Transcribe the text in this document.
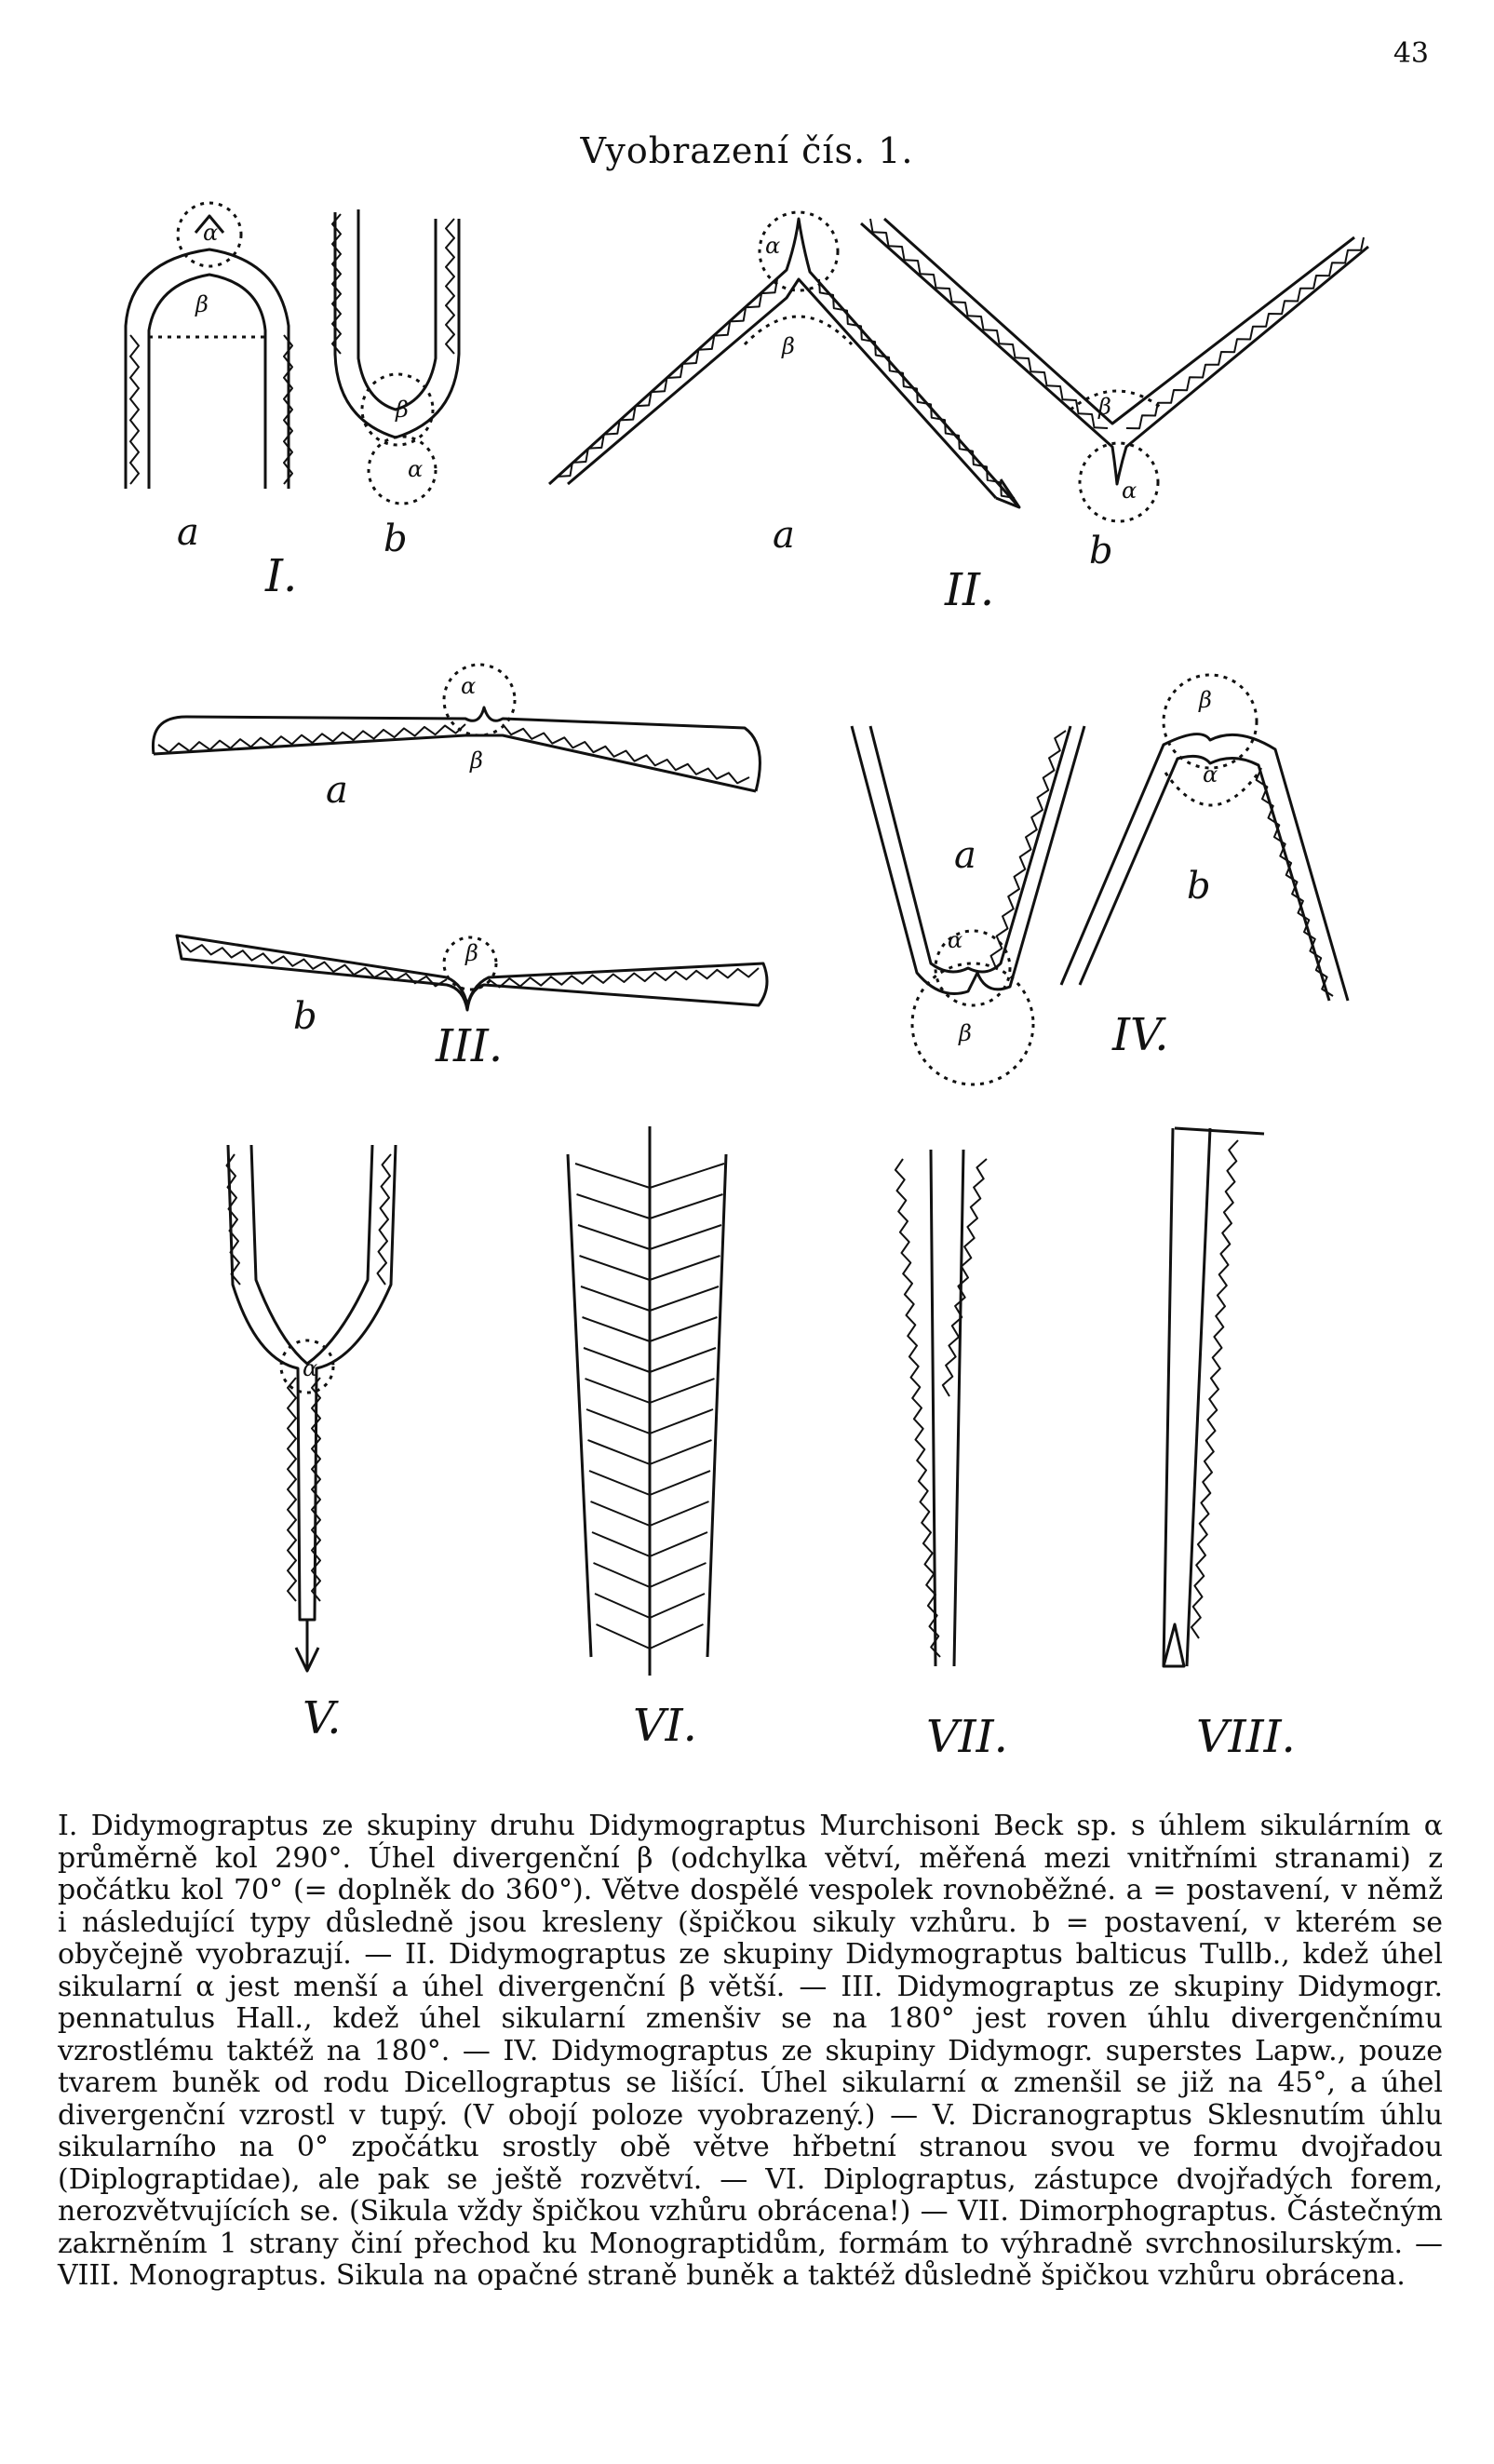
43
Vyobrazení čís. 1.
α
β
β
α
α
β
β
α
α
β
β	α
β
β
α
α
a	b	a	b
a
b
a
b
I.	II.
III.	IV.
V.	VI.	VII.	VIII.
I. Didymograptus ze skupiny druhu Didymograptus Murchisoni Beck sp. s úhlem sikulárním α průměrně kol 290°. Úhel divergenční β (odchylka větví, měřená mezi vnitřními stranami) z počátku kol 70° (= doplněk do 360°). Větve dospělé vespolek rovnoběžné. a = postavení, v němž i následující typy důsledně jsou kresleny (špičkou sikuly vzhůru. b = postavení, v kterém se obyčejně vyobrazují. — II. Didymograptus ze skupiny Didymograptus balticus Tullb., kdež úhel sikularní α jest menší a úhel divergenční β větší. — III. Didymograptus ze skupiny Didymogr. pennatulus Hall., kdež úhel sikularní zmenšiv se na 180° jest roven úhlu divergenčnímu vzrostlému taktéž na 180°. — IV. Didymograptus ze skupiny Didymogr. superstes Lapw., pouze tvarem buněk od rodu Dicellograptus se lišící. Úhel sikularní α zmenšil se již na 45°, a úhel divergenční vzrostl v tupý. (V obojí poloze vyobrazený.) — V. Dicranograptus Sklesnutím úhlu sikularního na 0° zpočátku srostly obě větve hřbetní stranou svou ve formu dvojřadou (Diplograptidae), ale pak se ještě rozvětví. — VI. Diplograptus, zástupce dvojřadých forem, nerozvětvujících se. (Sikula vždy špičkou vzhůru obrácena!) — VII. Dimorphograptus. Částečným zakrněním 1 strany činí přechod ku Monograptidům, formám to výhradně svrchnosilurským. — VIII. Monograptus. Sikula na opačné straně buněk a taktéž důsledně špičkou vzhůru obrácena.
